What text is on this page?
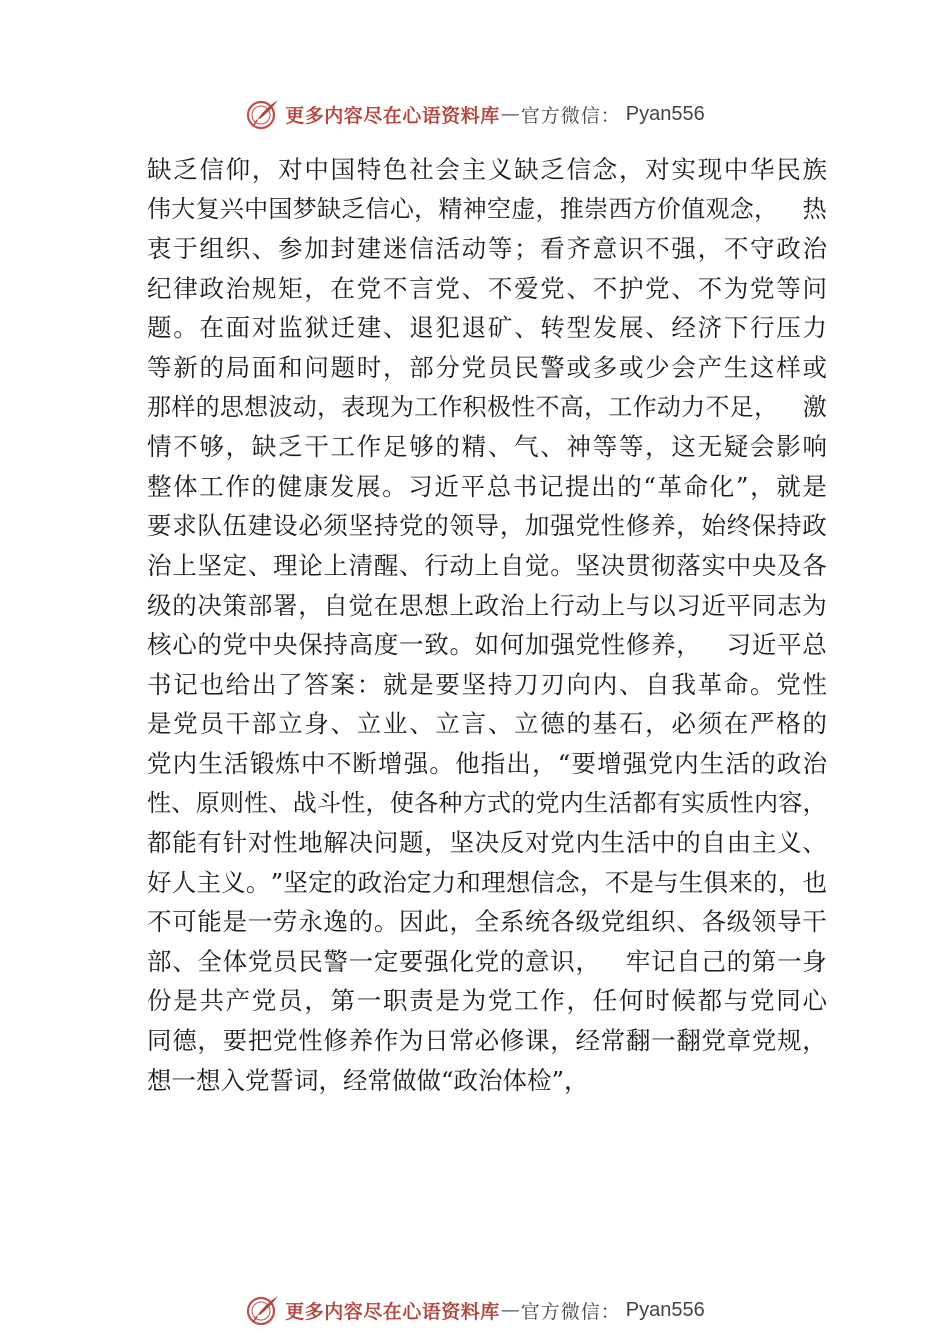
更多内容尽在心语资料库 — 官方微信 ： Pyan556
缺 乏 信 仰 ， 对 中 国 特 色 社 会 主 义 缺 乏 信 念 ， 对 实 现 中 华 民 族
伟 大 复 兴 中 国 梦 缺 乏 信 心 ， 精 神 空 虚 ， 推 崇 西 方 价 值 观 念 ，
　 热
衷 于 组 织 、 参 加 封 建 迷 信 活 动 等 ； 看 齐 意 识 不 强 ， 不 守 政 治
纪 律 政 治 规 矩 ， 在 党 不 言 党 、 不 爱 党 、 不 护 党 、 不 为 党 等 问
题 。 在 面 对 监 狱 迁 建 、 退 犯 退 矿 、 转 型 发 展 、 经 济 下 行 压 力
等 新 的 局 面 和 问 题 时 ， 部 分 党 员 民 警 或 多 或 少 会 产 生 这 样 或
那 样 的 思 想 波 动 ， 表 现 为 工 作 积 极 性 不 高 ， 工 作 动 力 不 足 ，
　 激
情 不 够 ， 缺 乏 干 工 作 足 够 的 精 、 气 、 神 等 等 ， 这 无 疑 会 影 响
整 体 工 作 的 健 康 发 展 。 习 近 平 总 书 记 提 出 的 “ 革 命 化 ” ， 就 是
要 求 队 伍 建 设 必 须 坚 持 党 的 领 导 ， 加 强 党 性 修 养 ， 始 终 保 持 政
治 上 坚 定 、 理 论 上 清 醒 、 行 动 上 自 觉 。 坚 决 贯 彻 落 实 中 央 及 各
级 的 决 策 部 署 ， 自 觉 在 思 想 上 政 治 上 行 动 上 与 以 习 近 平 同 志 为
核 心 的 党 中 央 保 持 高 度 一 致 。 如 何 加 强 党 性 修 养 ，
　 习 近 平 总
书 记 也 给 出 了 答 案 ： 就 是 要 坚 持 刀 刃 向 内 、 自 我 革 命 。 党 性
是 党 员 干 部 立 身 、 立 业 、 立 言 、 立 德 的 基 石 ， 必 须 在 严 格 的
党 内 生 活 锻 炼 中 不 断 增 强 。 他 指 出 ， “ 要 增 强 党 内 生 活 的 政 治
性 、 原 则 性 、 战 斗 性 ， 使 各 种 方 式 的 党 内 生 活 都 有 实 质 性 内 容 ，
都 能 有 针 对 性 地 解 决 问 题 ， 坚 决 反 对 党 内 生 活 中 的 自 由 主 义 、
好 人 主 义 。 ” 坚 定 的 政 治 定 力 和 理 想 信 念 ， 不 是 与 生 俱 来 的 ， 也
不 可 能 是 一 劳 永 逸 的 。 因 此 ， 全 系 统 各 级 党 组 织 、 各 级 领 导 干
部 、 全 体 党 员 民 警 一 定 要 强 化 党 的 意 识 ，
　 牢 记 自 己 的 第 一 身
份 是 共 产 党 员 ， 第 一 职 责 是 为 党 工 作 ， 任 何 时 候 都 与 党 同 心
同 德 ， 要 把 党 性 修 养 作 为 日 常 必 修 课 ， 经 常 翻 一 翻 党 章 党 规 ，
想一想入党誓词，经常做做“政治体检”，
更多内容尽在心语资料库 — 官方微信 ： Pyan556
